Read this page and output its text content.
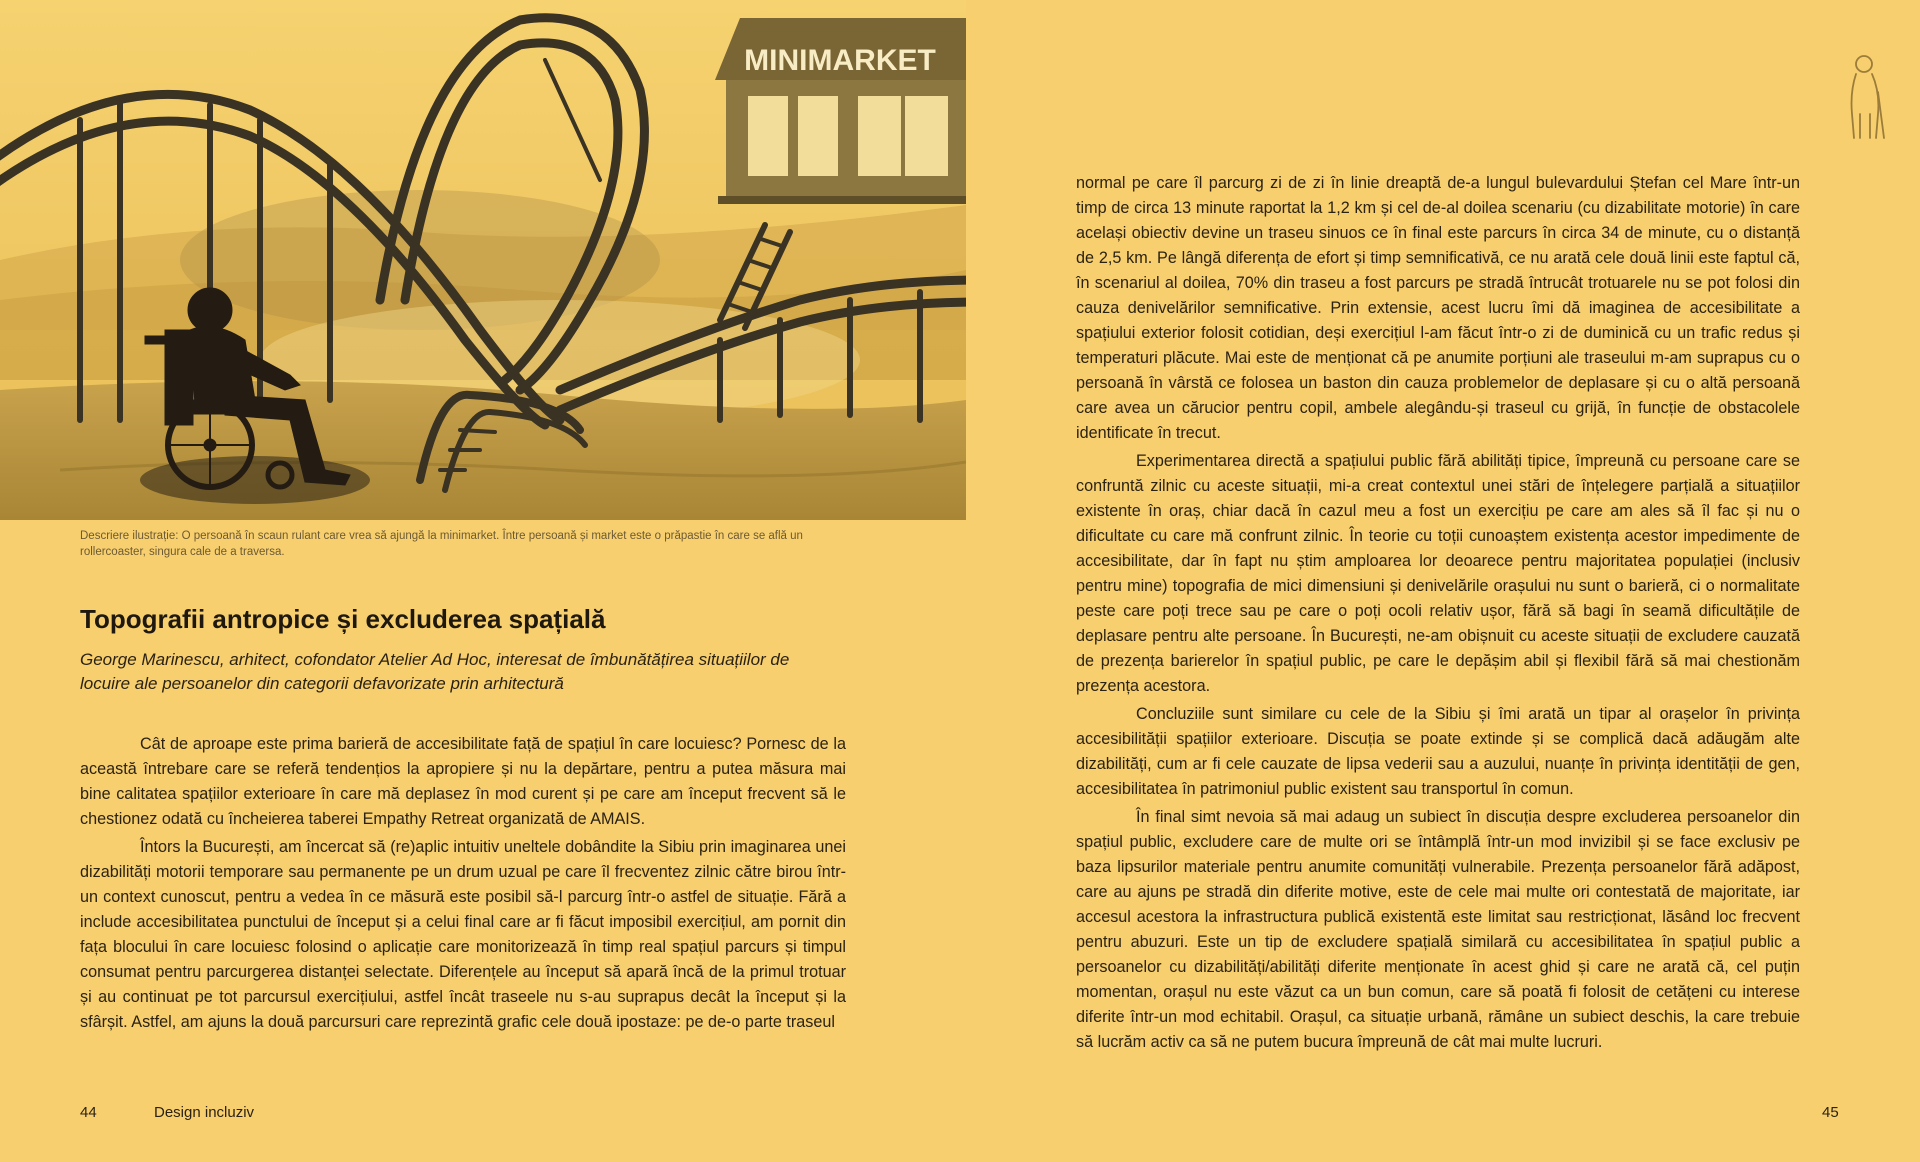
MINIMARKET
Descriere ilustrație: O persoană în scaun rulant care vrea să ajungă la minimarket. Între persoană și market este o prăpastie în care se află un rollercoaster, singura cale de a traversa.
Topografii antropice și excluderea spațială
George Marinescu, arhitect, cofondator Atelier Ad Hoc, interesat de îmbunătățirea situațiilor de locuire ale persoanelor din categorii defavorizate prin arhitectură

Cât de aproape este prima barieră de accesibilitate față de spațiul în care locuiesc? Pornesc de la această întrebare care se referă tendențios la apropiere și nu la depărtare, pentru a putea măsura mai bine calitatea spațiilor exterioare în care mă deplasez în mod curent și pe care am început frecvent să le chestionez odată cu încheierea taberei Empathy Retreat organizată de AMAIS.

Întors la București, am încercat să (re)aplic intuitiv uneltele dobândite la Sibiu prin imaginarea unei dizabilități motorii temporare sau permanente pe un drum uzual pe care îl frecventez zilnic către birou într-un context cunoscut, pentru a vedea în ce măsură este posibil să-l parcurg într-o astfel de situație. Fără a include accesibilitatea punctului de început și a celui final care ar fi făcut imposibil exercițiul, am pornit din fața blocului în care locuiesc folosind o aplicație care monitorizează în timp real spațiul parcurs și timpul consumat pentru parcurgerea distanței selectate. Diferențele au început să apară încă de la primul trotuar și au continuat pe tot parcursul exercițiului, astfel încât traseele nu s-au suprapus decât la început și la sfârșit. Astfel, am ajuns la două parcursuri care reprezintă grafic cele două ipostaze: pe de-o parte traseul

44	Design incluziv

normal pe care îl parcurg zi de zi în linie dreaptă de-a lungul bulevardului Ștefan cel Mare într-un timp de circa 13 minute raportat la 1,2 km și cel de-al doilea scenariu (cu dizabilitate motorie) în care același obiectiv devine un traseu sinuos ce în final este parcurs în circa 34 de minute, cu o distanță de 2,5 km. Pe lângă diferența de efort și timp semnificativă, ce nu arată cele două linii este faptul că, în scenariul al doilea, 70% din traseu a fost parcurs pe stradă întrucât trotuarele nu se pot folosi din cauza denivelărilor semnificative. Prin extensie, acest lucru îmi dă imaginea de accesibilitate a spațiului exterior folosit cotidian, deși exercițiul l-am făcut într-o zi de duminică cu un trafic redus și temperaturi plăcute. Mai este de menționat că pe anumite porțiuni ale traseului m-am suprapus cu o persoană în vârstă ce folosea un baston din cauza problemelor de deplasare și cu o altă persoană care avea un cărucior pentru copil, ambele alegându-și traseul cu grijă, în funcție de obstacolele identificate în trecut.

Experimentarea directă a spațiului public fără abilități tipice, împreună cu persoane care se confruntă zilnic cu aceste situații, mi-a creat contextul unei stări de înțelegere parțială a situațiilor existente în oraș, chiar dacă în cazul meu a fost un exercițiu pe care am ales să îl fac și nu o dificultate cu care mă confrunt zilnic. În teorie cu toții cunoaștem existența acestor impedimente de accesibilitate, dar în fapt nu știm amploarea lor deoarece pentru majoritatea populației (inclusiv pentru mine) topografia de mici dimensiuni și denivelările orașului nu sunt o barieră, ci o normalitate peste care poți trece sau pe care o poți ocoli relativ ușor, fără să bagi în seamă dificultățile de deplasare pentru alte persoane. În București, ne-am obișnuit cu aceste situații de excludere cauzată de prezența barierelor în spațiul public, pe care le depășim abil și flexibil fără să mai chestionăm prezența acestora.

Concluziile sunt similare cu cele de la Sibiu și îmi arată un tipar al orașelor în privința accesibilității spațiilor exterioare. Discuția se poate extinde și se complică dacă adăugăm alte dizabilități, cum ar fi cele cauzate de lipsa vederii sau a auzului, nuanțe în privința identității de gen, accesibilitatea în patrimoniul public existent sau transportul în comun.

În final simt nevoia să mai adaug un subiect în discuția despre excluderea persoanelor din spațiul public, excludere care de multe ori se întâmplă într-un mod invizibil și se face exclusiv pe baza lipsurilor materiale pentru anumite comunități vulnerabile. Prezența persoanelor fără adăpost, care au ajuns pe stradă din diferite motive, este de cele mai multe ori contestată de majoritate, iar accesul acestora la infrastructura publică existentă este limitat sau restricționat, lăsând loc frecvent pentru abuzuri. Este un tip de excludere spațială similară cu accesibilitatea în spațiul public a persoanelor cu dizabilități/abilități diferite menționate în acest ghid și care ne arată că, cel puțin momentan, orașul nu este văzut ca un bun comun, care să poată fi folosit de cetățeni cu interese diferite într-un mod echitabil. Orașul, ca situație urbană, rămâne un subiect deschis, la care trebuie să lucrăm activ ca să ne putem bucura împreună de cât mai multe lucruri.

45
